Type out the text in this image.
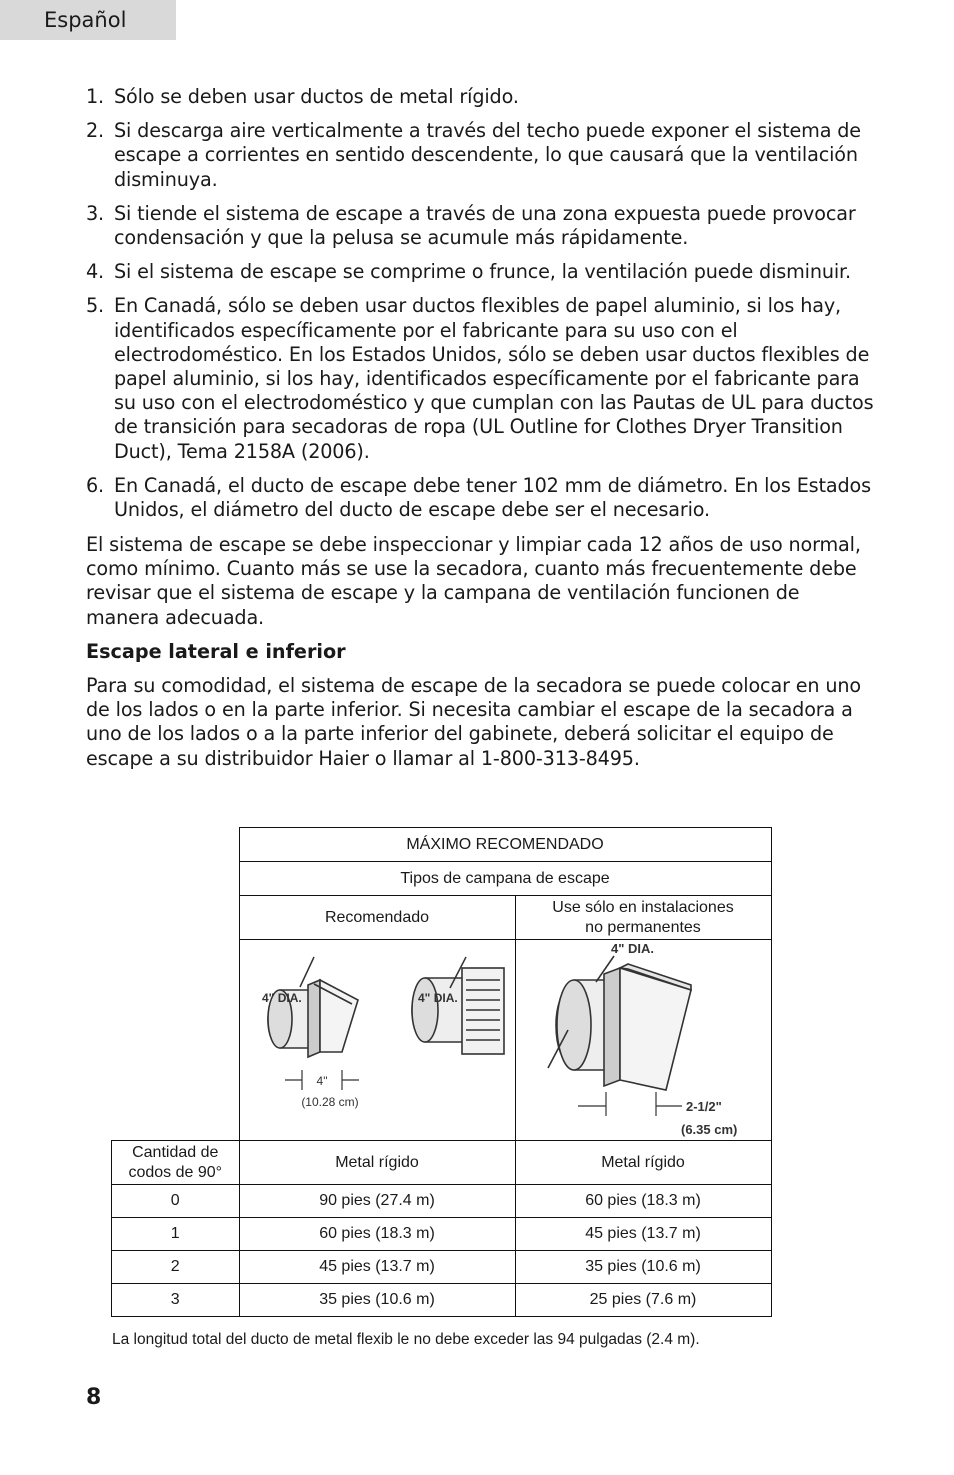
Español
1. Sólo se deben usar ductos de metal rígido.
2. Si descarga aire verticalmente a través del techo puede exponer el sistema de escape a corrientes en sentido descendente, lo que causará que la ventilación disminuya.
3. Si tiende el sistema de escape a través de una zona expuesta puede provocar condensación y que la pelusa se acumule más rápidamente.
4. Si el sistema de escape se comprime o frunce, la ventilación puede disminuir.
5. En Canadá, sólo se deben usar ductos flexibles de papel aluminio, si los hay, identificados específicamente por el fabricante para su uso con el electrodoméstico. En los Estados Unidos, sólo se deben usar ductos flexibles de papel aluminio, si los hay, identificados específicamente por el fabricante para su uso con el electrodoméstico y que cumplan con las Pautas de UL para ductos de transición para secadoras de ropa (UL Outline for Clothes Dryer Transition Duct), Tema 2158A (2006).
6. En Canadá, el ducto de escape debe tener 102 mm de diámetro. En los Estados Unidos, el diámetro del ducto de escape debe ser el necesario.

El sistema de escape se debe inspeccionar y limpiar cada 12 años de uso normal, como mínimo. Cuanto más se use la secadora, cuanto más frecuentemente debe revisar que el sistema de escape y la campana de ventilación funcionen de manera adecuada.

Escape lateral e inferior

Para su comodidad, el sistema de escape de la secadora se puede colocar en uno de los lados o en la parte inferior. Si necesita cambiar el escape de la secadora a uno de los lados o a la parte inferior del gabinete, deberá solicitar el equipo de escape a su distribuidor Haier o llamar al 1-800-313-8495.

	MÁXIMO RECOMENDADO	
	Tipos de campana de escape	
	Recomendado	Use sólo en instalaciones
no permanentes

4" DIA.
4"
(10.28 cm)
4" DIA.	4" DIA.
2-1/2"
(6.35 cm)

Cantidad de
codos de 90°	Metal rígido	Metal rígido
0	90 pies (27.4 m)	60 pies (18.3 m)
1	60 pies (18.3 m)	45 pies (13.7 m)
2	45 pies (13.7 m)	35 pies (10.6 m)
3	35 pies (10.6 m)	25 pies (7.6 m)

La longitud total del ducto de metal flexib le no debe exceder las 94 pulgadas (2.4 m).

8
